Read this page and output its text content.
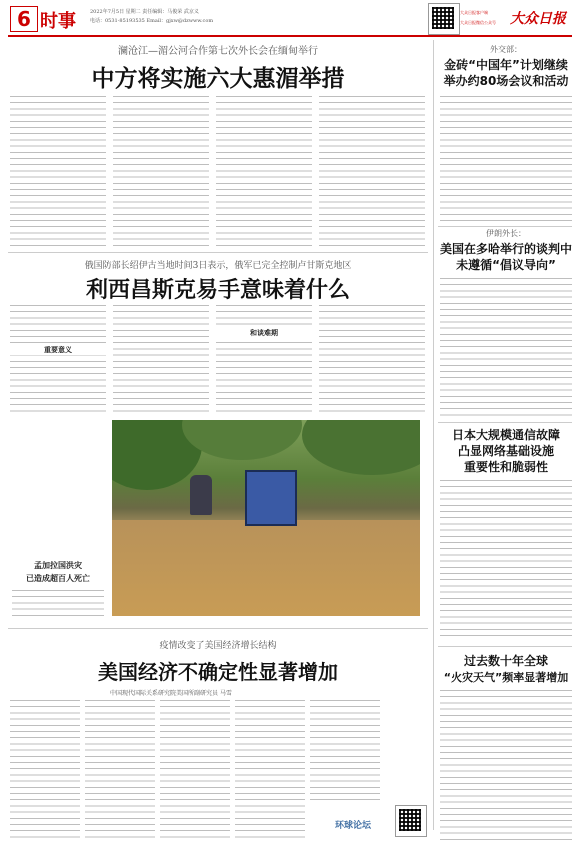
6 时事	2022年7月5日 星期二 责任编辑：马俊荣 武京义
电话：0531-85193535 Email：gjxw@dzwww.com
大众日报客户端
大众日报微信公众号 大众日报
澜沧江—湄公河合作第七次外长会在缅甸举行
中方将实施六大惠湄举措
外交部：
金砖“中国年”计划继续
举办约80场会议和活动
伊朗外长：
美国在多哈举行的谈判中
未遵循“倡议导向”
日本大规模通信故障
凸显网络基础设施
重要性和脆弱性
过去数十年全球
“火灾天气”频率显著增加
俄国防部长绍伊古当地时间3日表示，俄军已完全控制卢甘斯克地区
利西昌斯克易手意味着什么
重要意义
和谈难期
孟加拉国洪灾
已造成超百人死亡
疫情改变了美国经济增长结构
美国经济不确定性显著增加
中国现代国际关系研究院美国所副研究员 马雪
环球论坛
